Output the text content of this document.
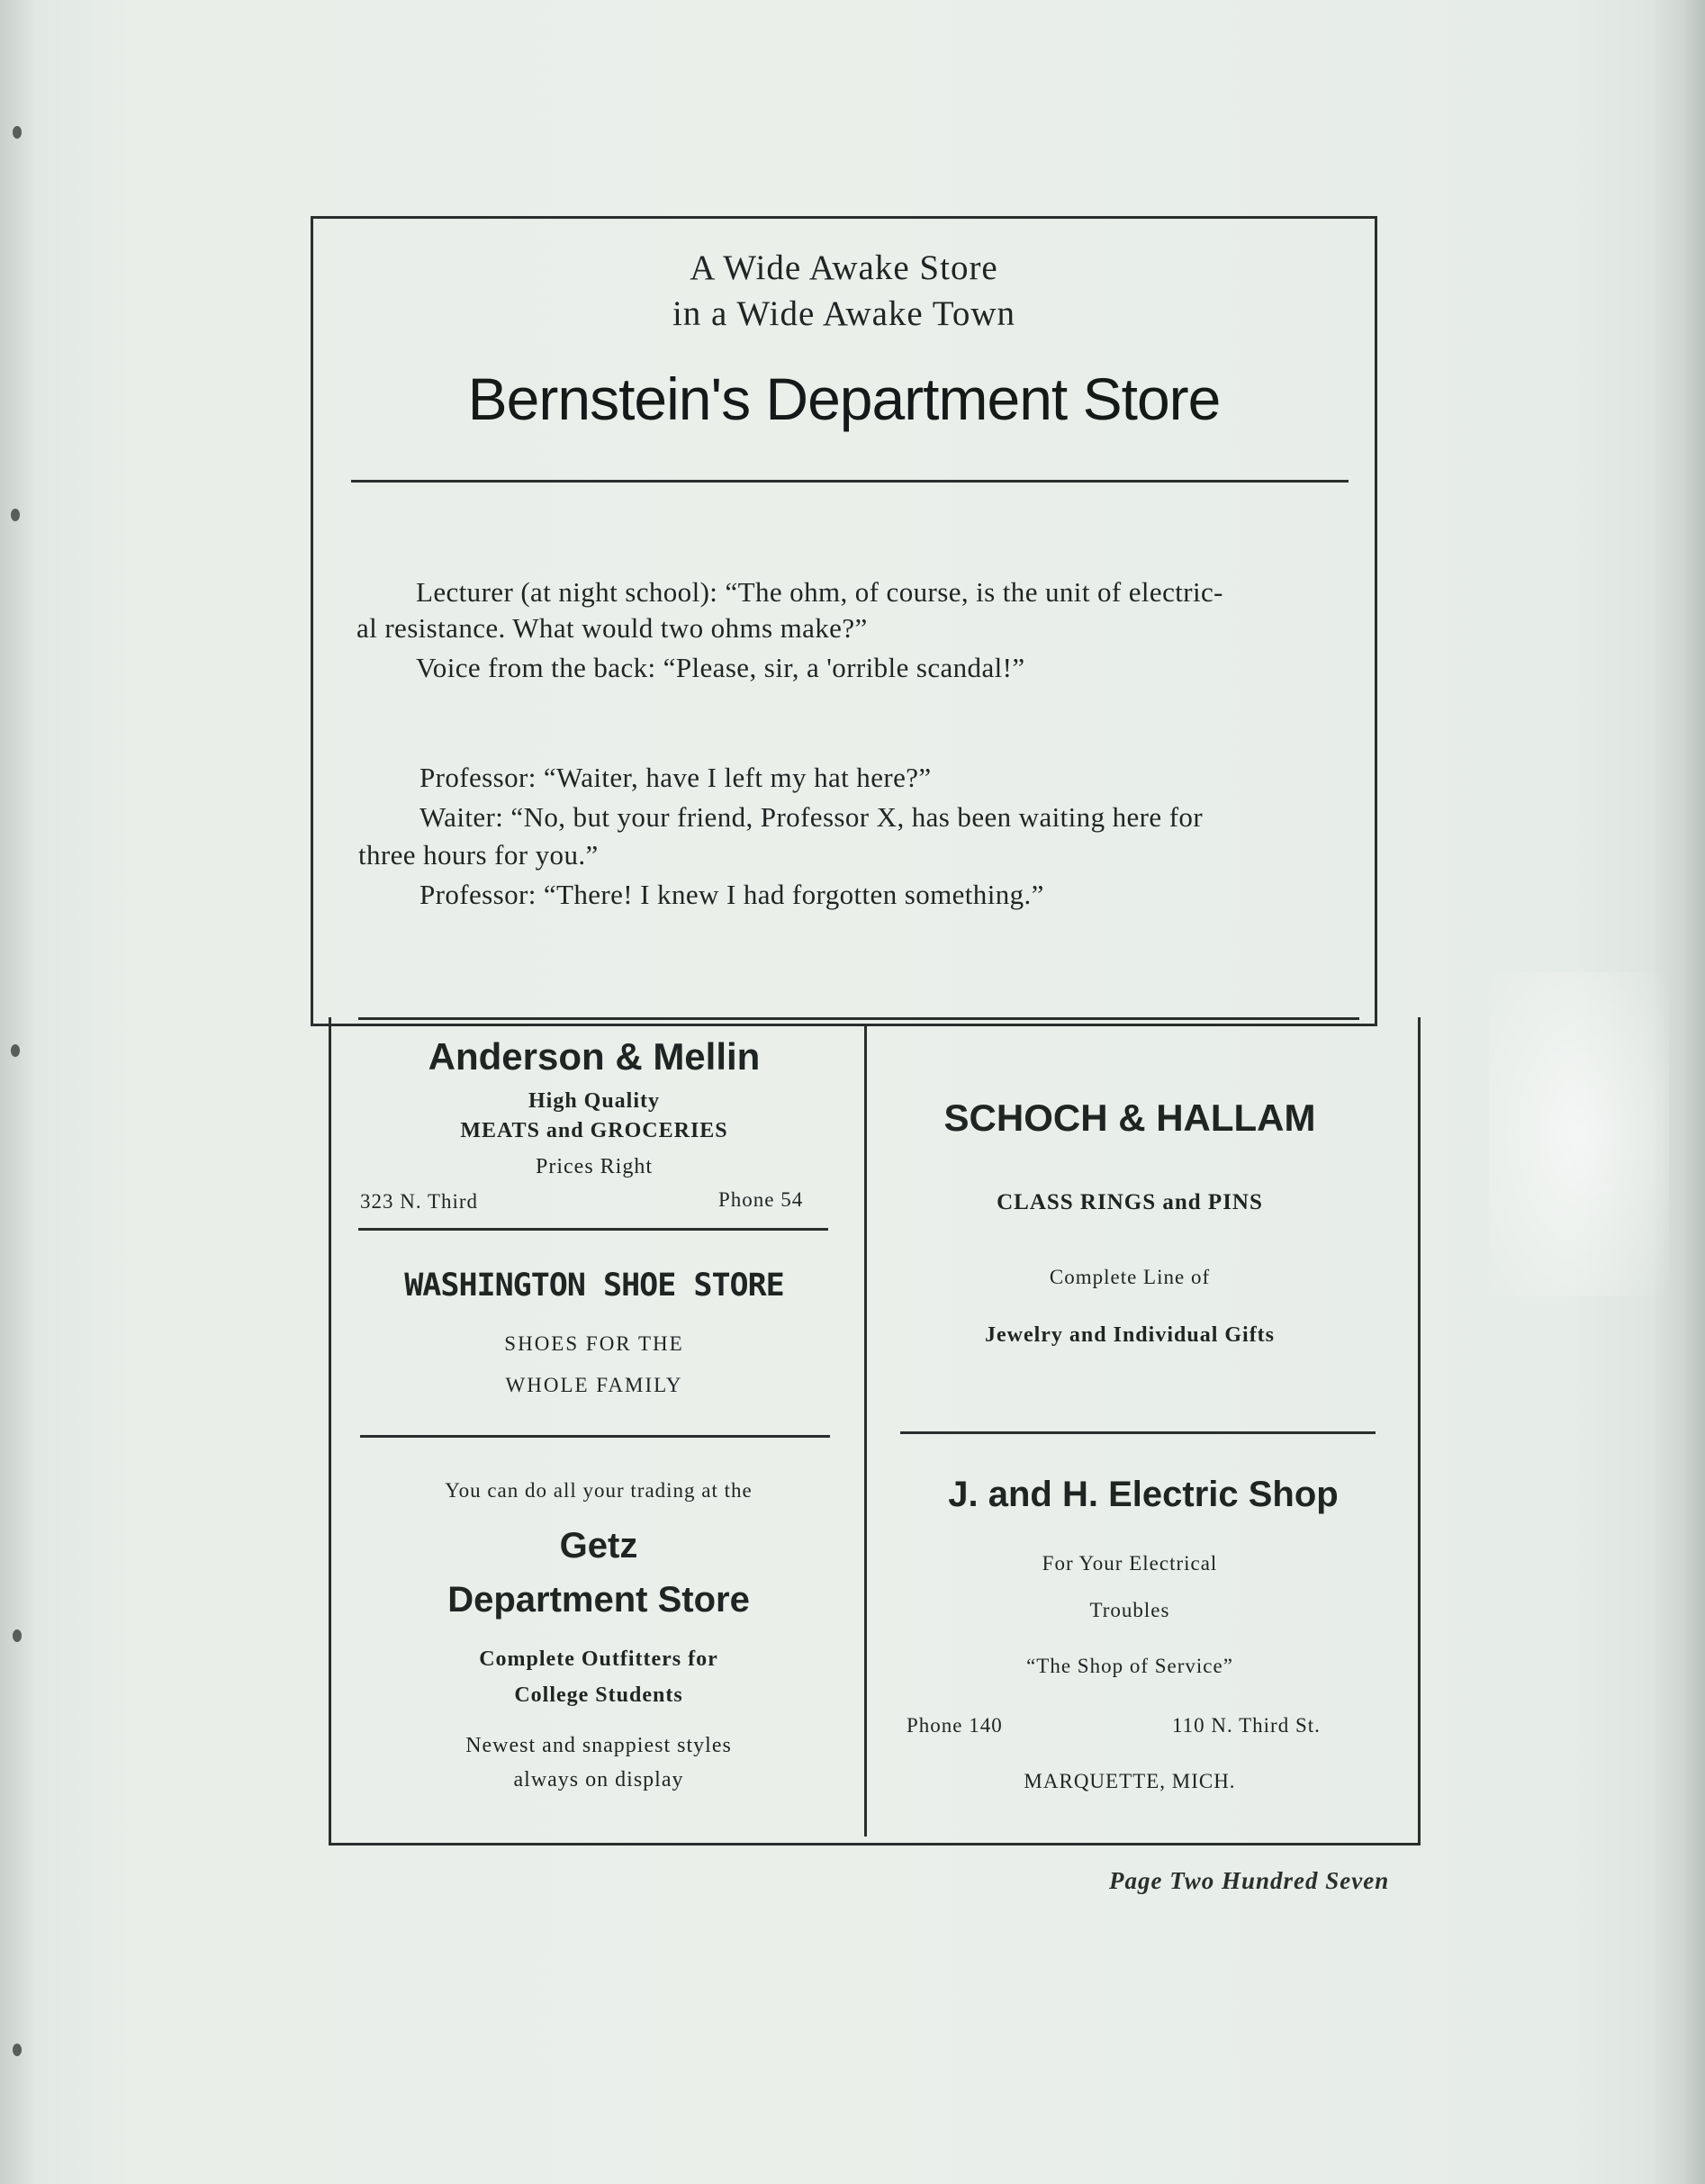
A Wide Awake Store

in a Wide Awake Town

Bernstein's Department Store

Lecturer (at night school): “The ohm, of course, is the unit of electric-

al resistance. What would two ohms make?”

Voice from the back: “Please, sir, a 'orrible scandal!”

Professor: “Waiter, have I left my hat here?”

Waiter: “No, but your friend, Professor X, has been waiting here for

three hours for you.”

Professor: “There! I knew I had forgotten something.”

Anderson & Mellin

High Quality

MEATS and GROCERIES

Prices Right

323 N. Third	Phone 54

WASHINGTON SHOE STORE

SHOES FOR THE

WHOLE FAMILY

You can do all your trading at the

Getz

Department Store

Complete Outfitters for

College Students

Newest and snappiest styles

always on display

SCHOCH & HALLAM

CLASS RINGS and PINS

Complete Line of

Jewelry and Individual Gifts

J. and H. Electric Shop

For Your Electrical

Troubles

“The Shop of Service”

Phone 140	110 N. Third St.

MARQUETTE, MICH.

Page Two Hundred Seven
